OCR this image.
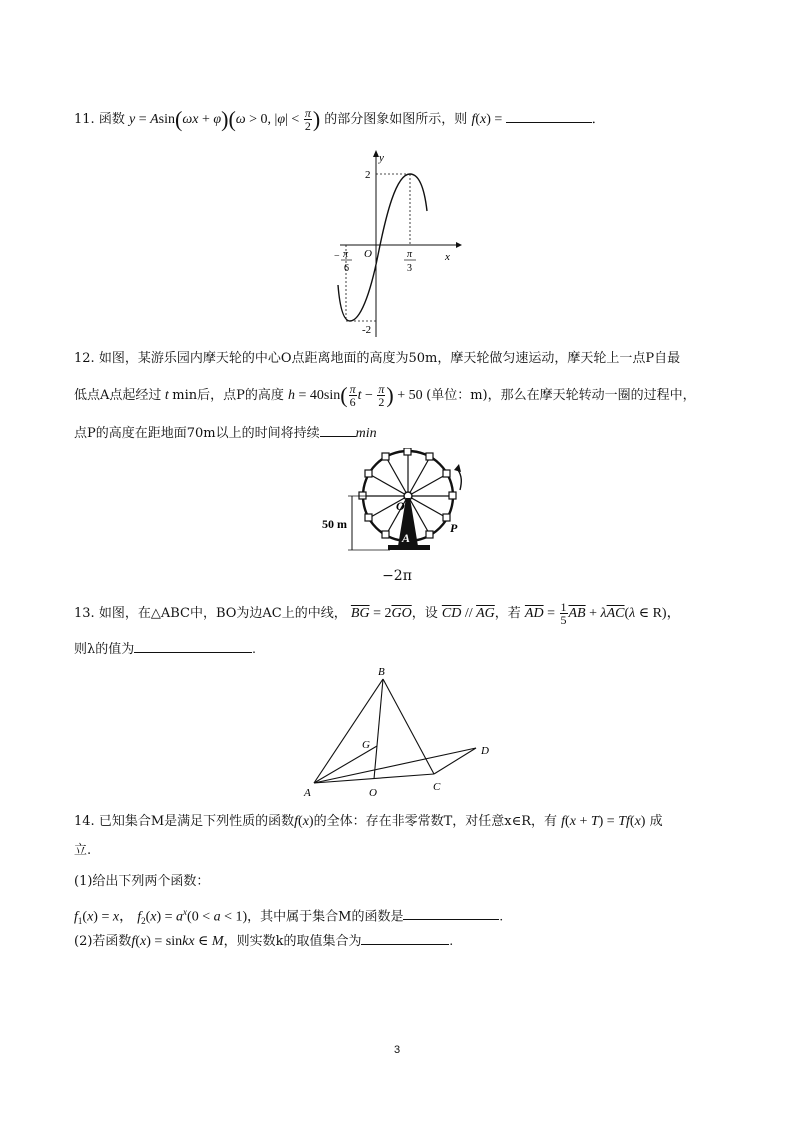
11. 函数 y = Asin(ωx + φ)(ω > 0, $|\varphi| < \frac{\pi}{2}$ ) 的部分图象如图所示，则 f(x) =	．
y
x
O
2
-2
− π
6
π
3
12. 如图，某游乐园内摩天轮的中心O点距离地面的高度为50m，摩天轮做匀速运动，摩天轮上一点P自最
低点A点起经过 t min后，点P的高度 $h = 40\sin( \frac{\pi}{6}$ $t - \frac{\pi}{2}$ ) + 50 (单位：m)，那么在摩天轮转动一圈的过程中，
点P的高度在距地面70m以上的时间将持续	min
50 m
O
A
P
−2π
13. 如图，在△ABC中，BO为边AC上的中线， $\overline{BG} = 2\overline{GO}$，设 $\overline{CD} // \overline{AG}$，若 $\overline{AD} = \frac{1}{5} \overline{AB} + \lambda\overline{AC}(\lambda$ ∈ R)，
则λ的值为	.
B
G	D
A	O	C
14. 已知集合M是满足下列性质的函数f(x)的全体：存在非零常数T，对任意x∈R，有 f(x + T) = Tf(x) 成
立.
(1)给出下列两个函数：
$f_1(x) = x$， $f_2(x) = a^x(0 < a < 1)$，其中属于集合M的函数是	.
(2)若函数f(x) = sinkx ∈ M，则实数k的取值集合为	.
3
